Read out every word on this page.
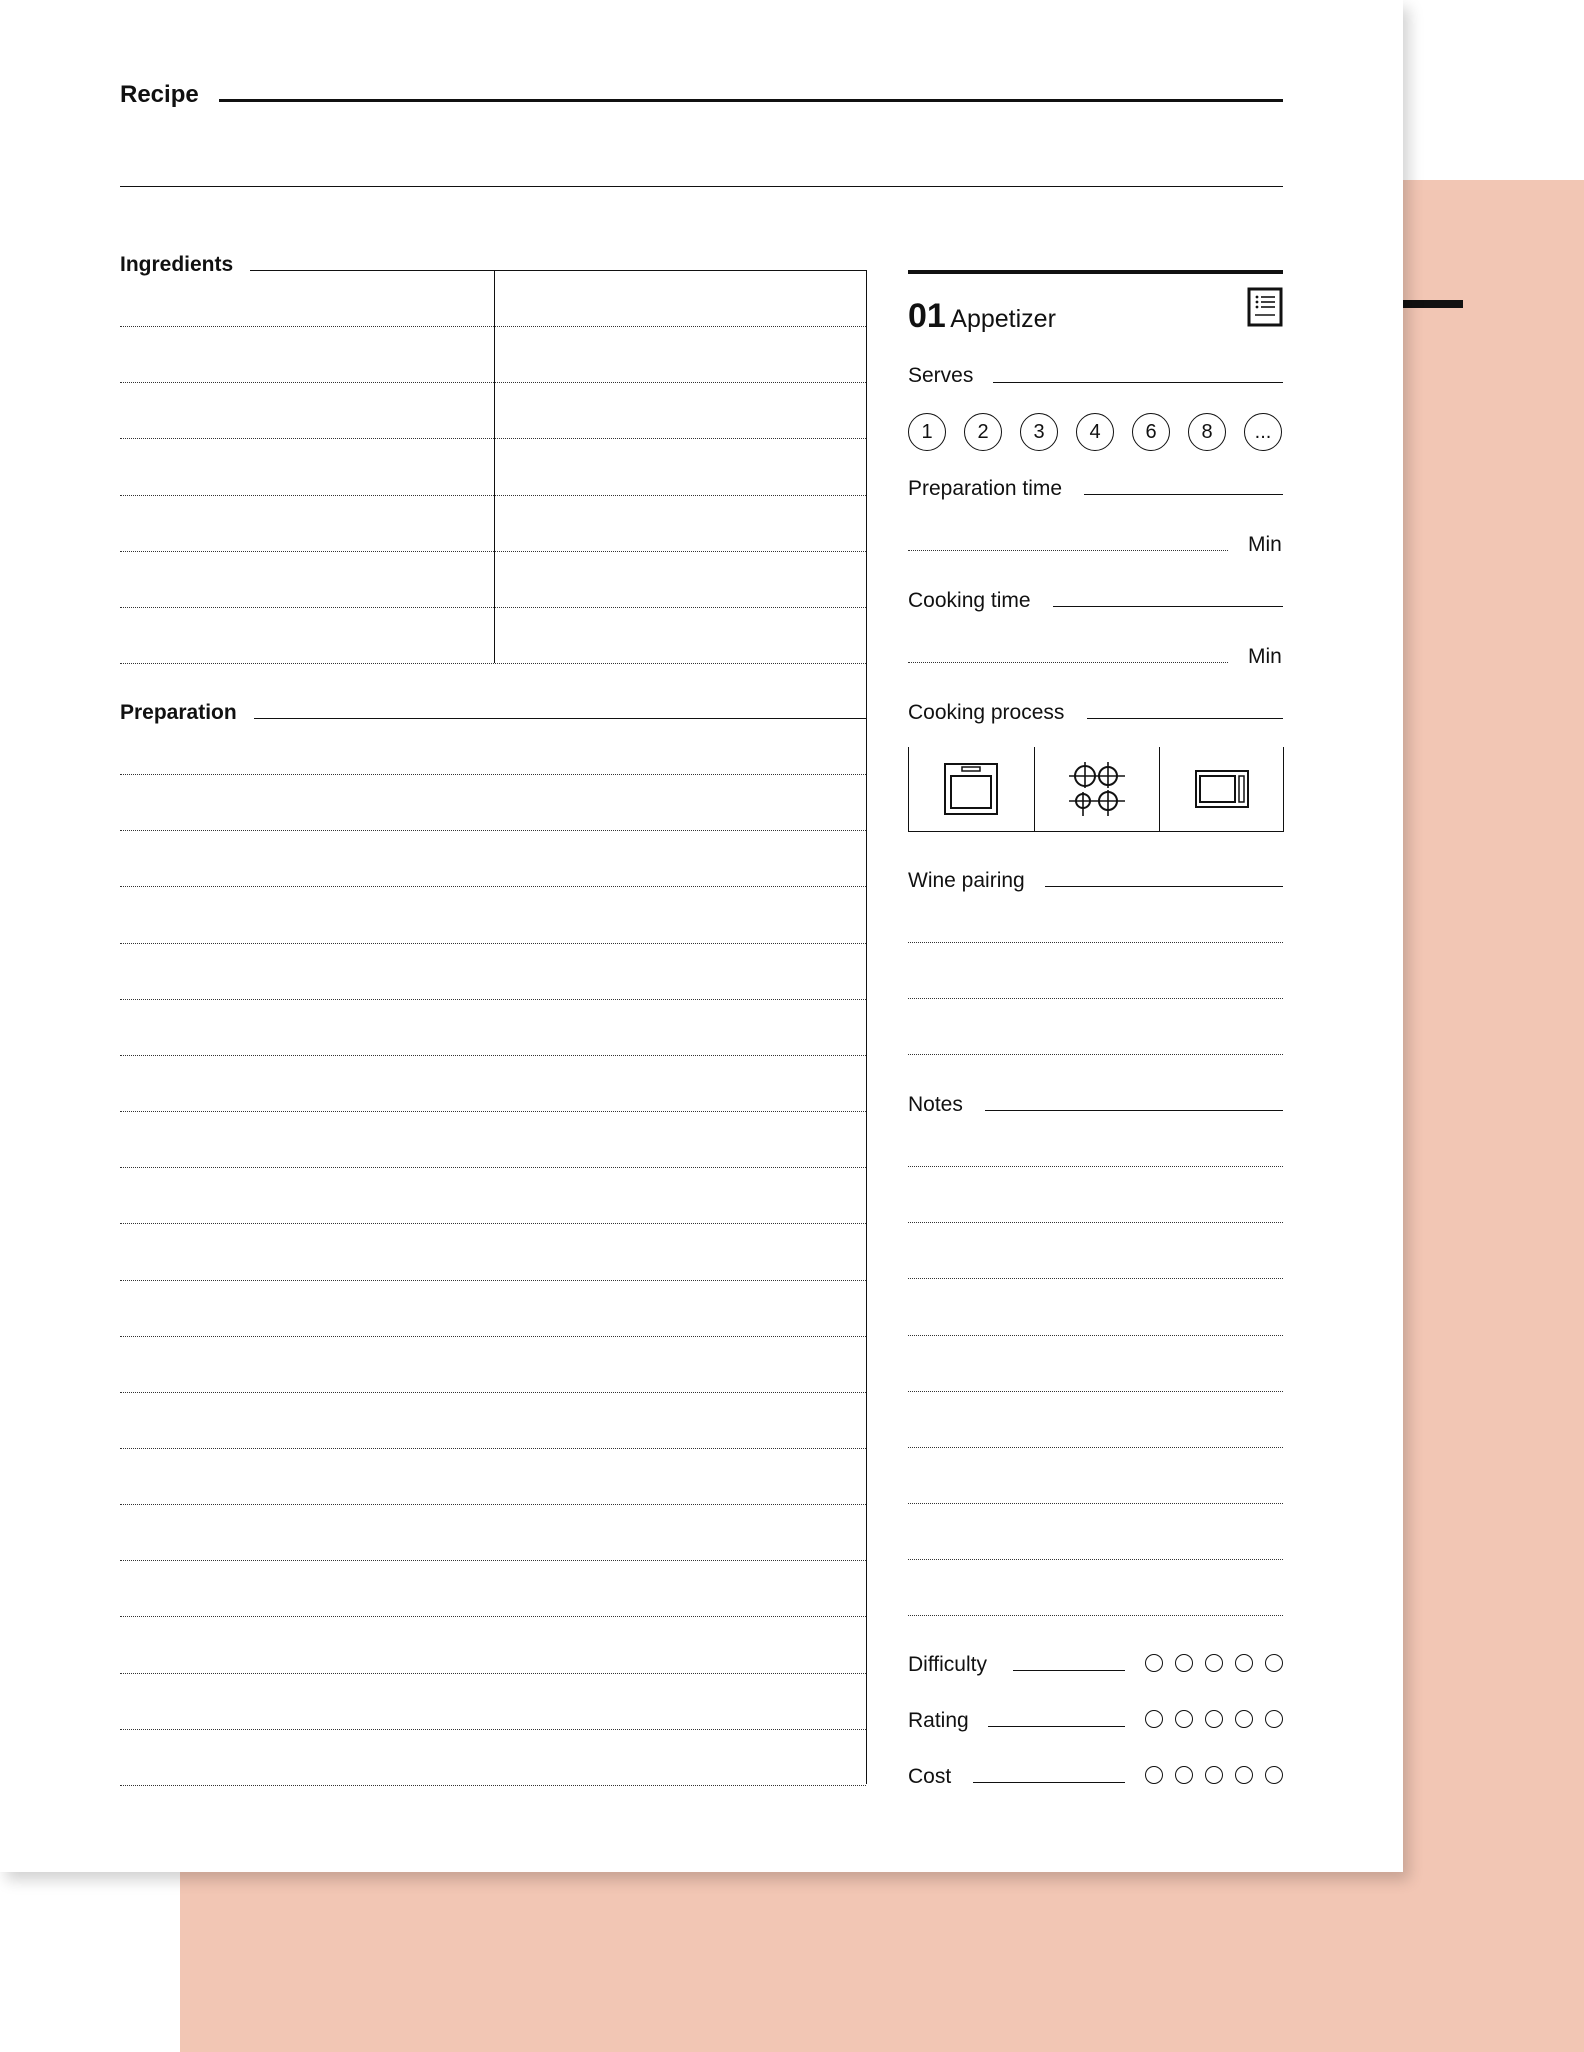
Recipe
Ingredients
Preparation
01 Appetizer
Serves
1	2	3	4	6	8	...
Preparation time
Min
Cooking time
Min
Cooking process
Wine pairing
Notes
Difficulty
Rating
Cost
